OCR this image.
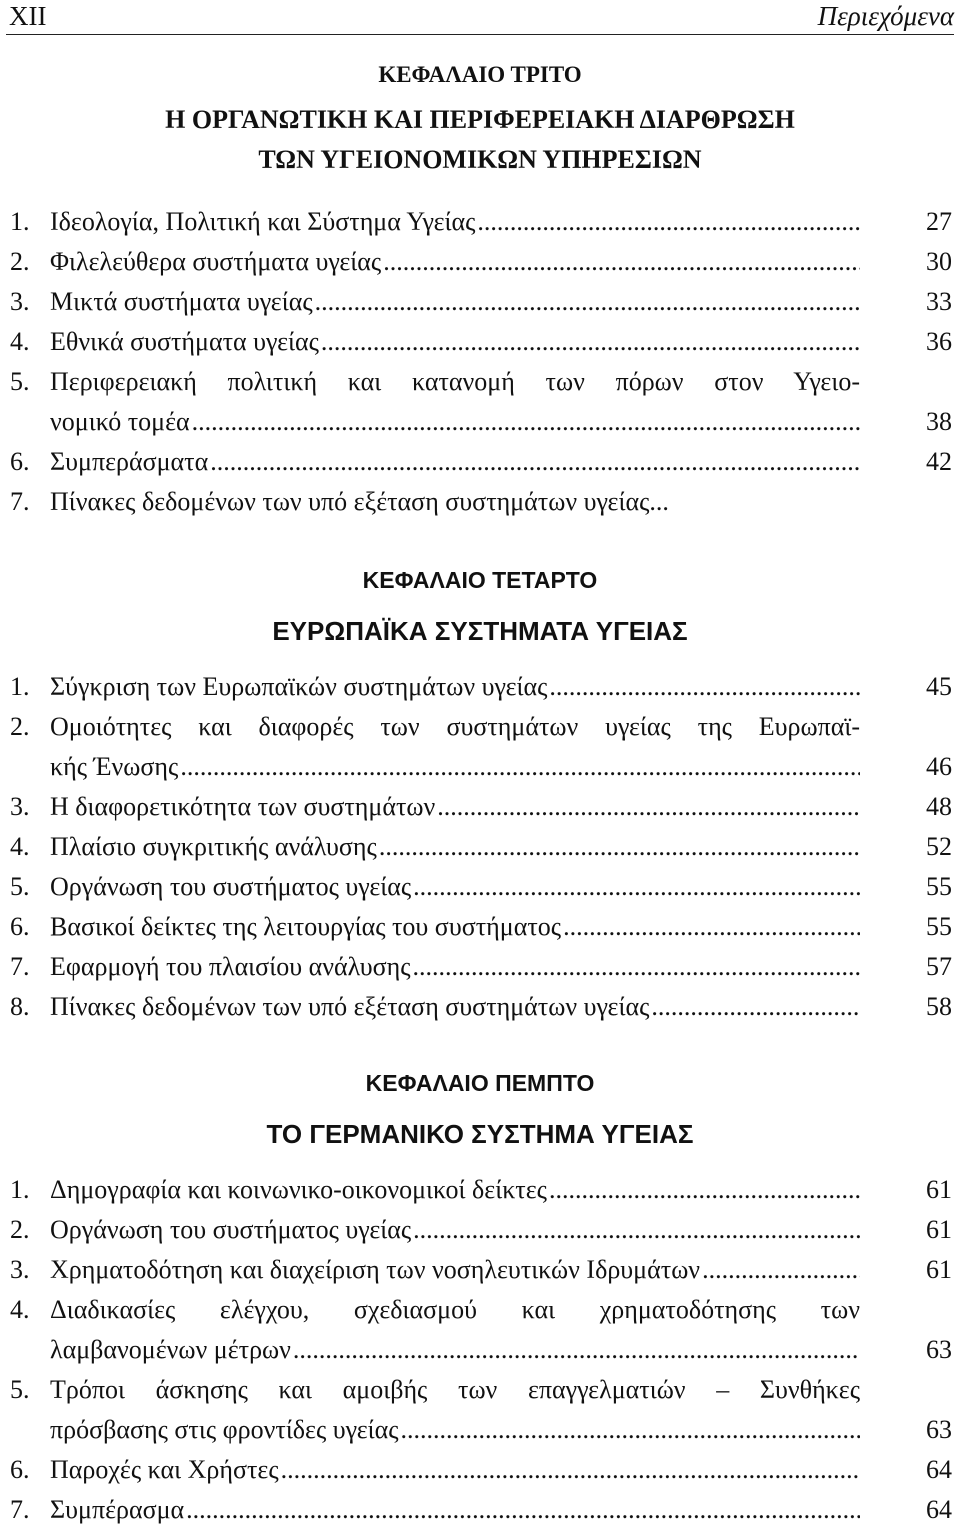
XII	Περιεχόμενα

ΚΕΦΑΛΑΙΟ ΤΡΙΤΟ

Η ΟΡΓΑΝΩΤΙΚΗ ΚΑΙ ΠΕΡΙΦΕΡΕΙΑΚΗ ΔΙΑΡΘΡΩΣΗ

ΤΩΝ ΥΓΕΙΟΝΟΜΙΚΩΝ ΥΠΗΡΕΣΙΩΝ

1. Ιδεολογία, Πολιτική και Σύστημα Υγείας .....	27
2. Φιλελεύθερα συστήματα υγείας .....	30
3. Μικτά συστήματα υγείας .....	33
4. Εθνικά συστήματα υγείας .....	36
5. Περιφερειακή πολιτική και κατανομή των πόρων στον Υγειο-
νομικό τομέα .....	38
6. Συμπεράσματα .....	42
7. Πίνακες δεδομένων των υπό εξέταση συστημάτων υγείας ...

ΚΕΦΑΛΑΙΟ ΤΕΤΑΡΤΟ

ΕΥΡΩΠΑΪΚΑ ΣΥΣΤΗΜΑΤΑ ΥΓΕΙΑΣ

1. Σύγκριση των Ευρωπαϊκών συστημάτων υγείας .....	45
2. Ομοιότητες και διαφορές των συστημάτων υγείας της Ευρωπαϊ-
κής Ένωσης .....	46
3. Η διαφορετικότητα των συστημάτων .....	48
4. Πλαίσιο συγκριτικής ανάλυσης .....	52
5. Οργάνωση του συστήματος υγείας .....	55
6. Βασικοί δείκτες της λειτουργίας του συστήματος .....	55
7. Εφαρμογή του πλαισίου ανάλυσης .....	57
8. Πίνακες δεδομένων των υπό εξέταση συστημάτων υγείας .....	58

ΚΕΦΑΛΑΙΟ ΠΕΜΠΤΟ

ΤΟ ΓΕΡΜΑΝΙΚΟ ΣΥΣΤΗΜΑ ΥΓΕΙΑΣ

1. Δημογραφία και κοινωνικο-οικονομικοί δείκτες .....	61
2. Οργάνωση του συστήματος υγείας .....	61
3. Χρηματοδότηση και διαχείριση των νοσηλευτικών Ιδρυμάτων .....	61
4. Διαδικασίες ελέγχου, σχεδιασμού και χρηματοδότησης των
λαμβανομένων μέτρων .....	63
5. Τρόποι άσκησης και αμοιβής των επαγγελματιών – Συνθήκες
πρόσβασης στις φροντίδες υγείας .....	63
6. Παροχές και Χρήστες .....	64
7. Συμπέρασμα .....	64
